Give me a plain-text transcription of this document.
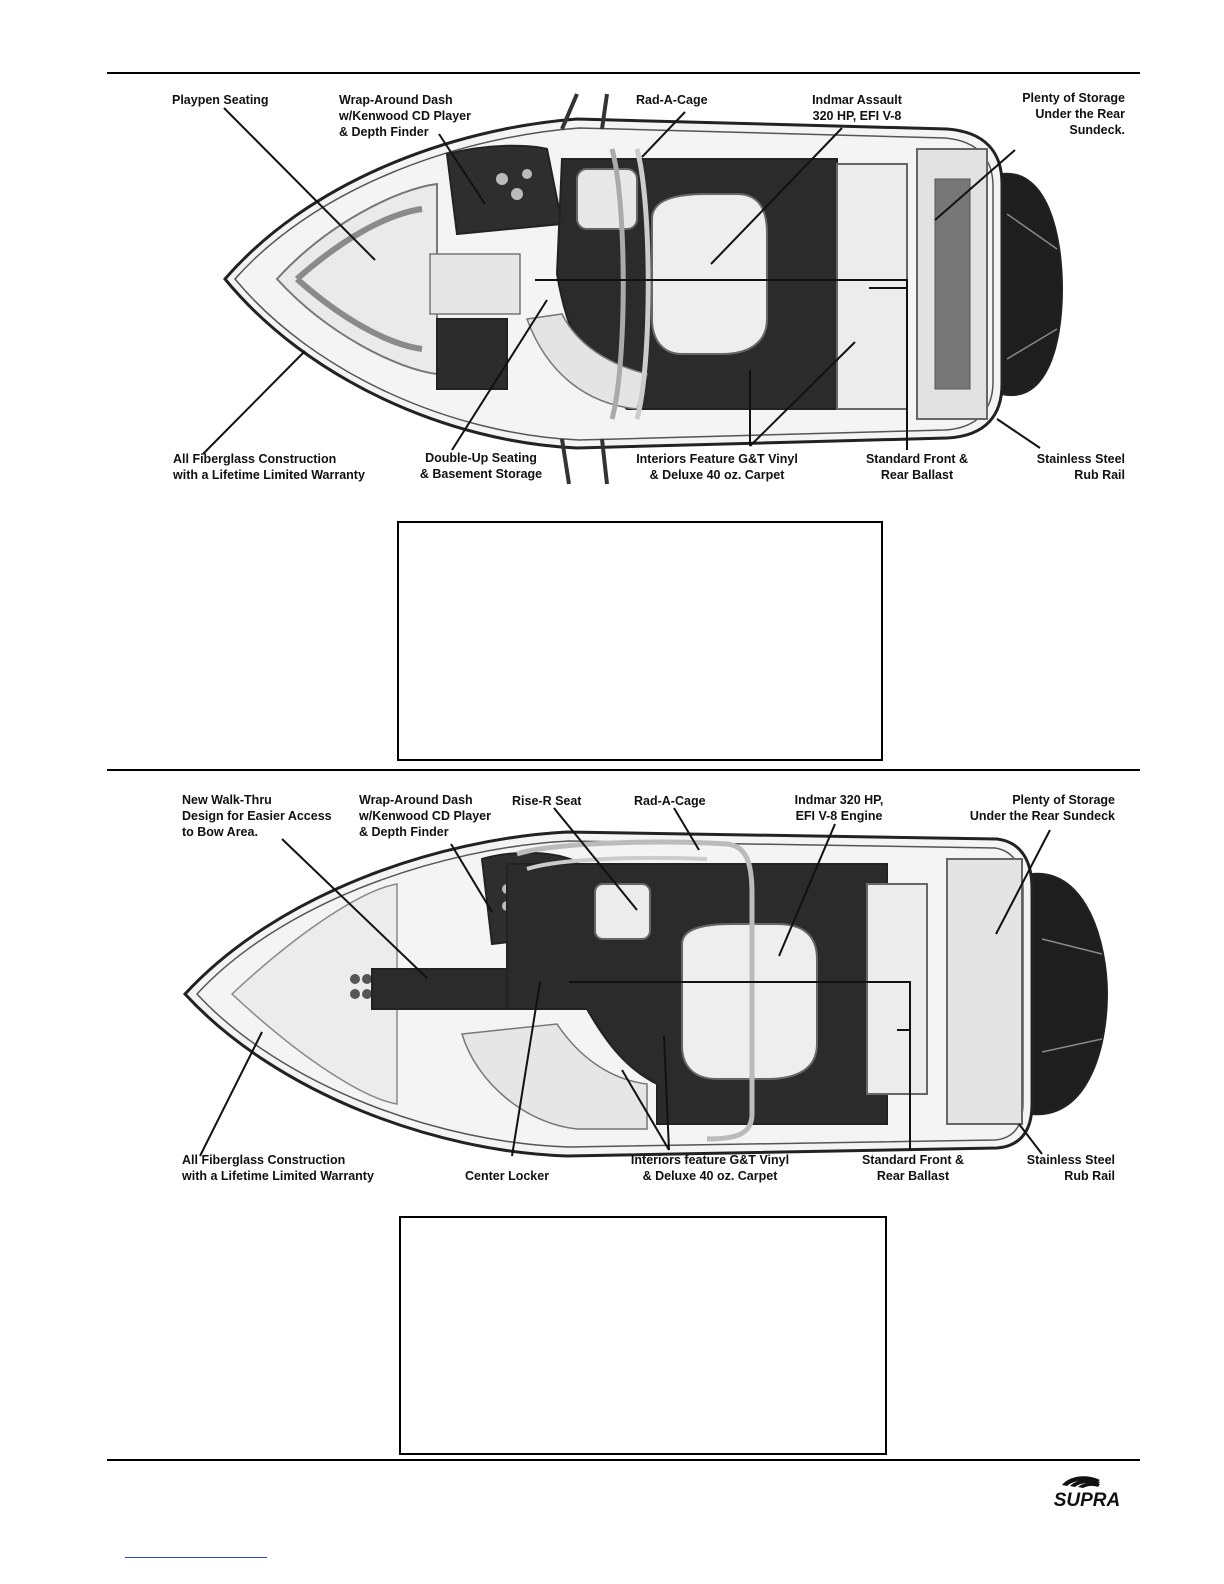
Playpen Seating	Wrap-Around Dash
w/Kenwood CD Player
& Depth Finder
Rad-A-Cage	Indmar Assault
320 HP, EFI V-8
Plenty of Storage
Under the Rear
Sundeck.
All Fiberglass Construction
with a Lifetime Limited Warranty
Double-Up Seating
& Basement Storage
Interiors Feature G&T Vinyl
& Deluxe 40 oz. Carpet
Standard Front &
Rear Ballast
Stainless Steel
Rub Rail
New Walk-Thru
Design for Easier Access
to Bow Area.
Wrap-Around Dash
w/Kenwood CD Player
& Depth Finder
Rise-R Seat	Rad-A-Cage	Indmar 320 HP,
EFI V-8 Engine
Plenty of Storage
Under the Rear Sundeck
All Fiberglass Construction
with a Lifetime Limited Warranty	Center Locker
Interiors feature G&T Vinyl
& Deluxe 40 oz. Carpet
Standard Front &
Rear Ballast
Stainless Steel
Rub Rail
SUPRA
